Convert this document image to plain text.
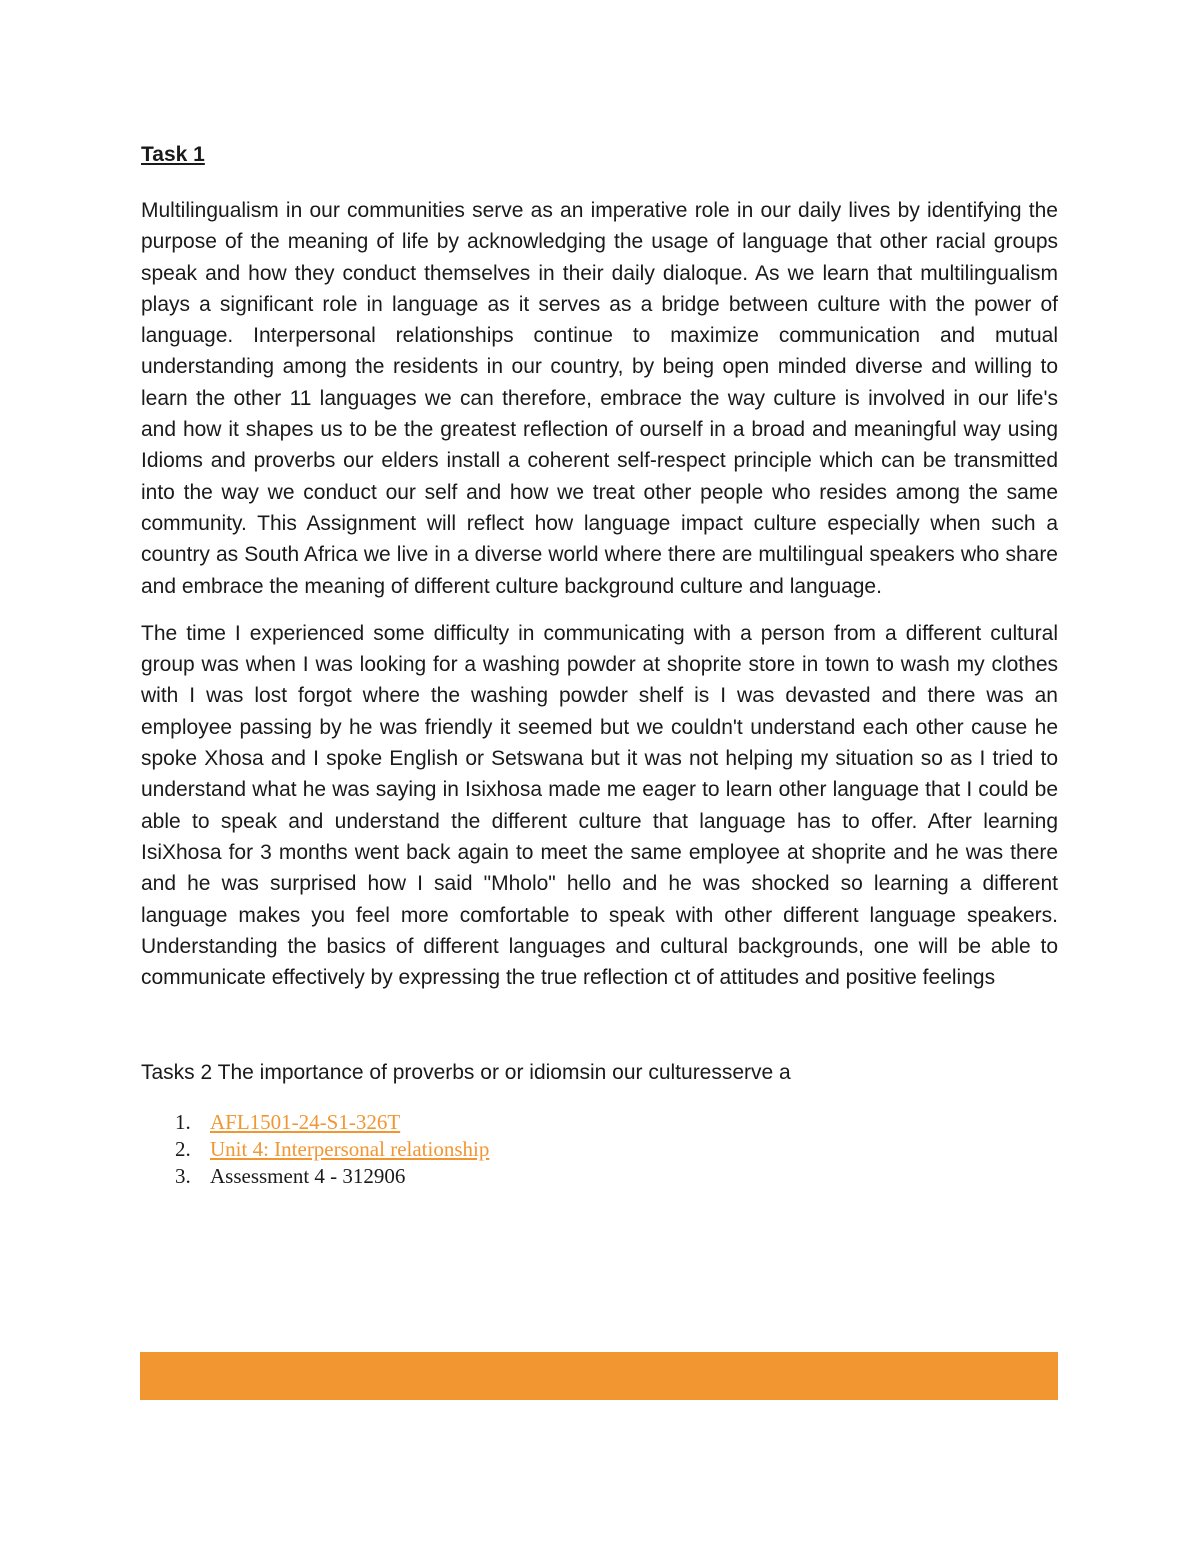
Task 1

Multilingualism in our communities serve as an imperative role in our daily lives by identifying the purpose of the meaning of life by acknowledging the usage of language that other racial groups speak and how they conduct themselves in their daily dialoque. As we learn that multilingualism plays a significant role in language as it serves as a bridge between culture with the power of language. Interpersonal relationships continue to maximize communication and mutual understanding among the residents in our country, by being open minded diverse and willing to learn the other 11 languages we can therefore, embrace the way culture is involved in our life's and how it shapes us to be the greatest reflection of ourself in a broad and meaningful way using Idioms and proverbs our elders install a coherent self-respect principle which can be transmitted into the way we conduct our self and how we treat other people who resides among the same community. This Assignment will reflect how language impact culture especially when such a country as South Africa we live in a diverse world where there are multilingual speakers who share and embrace the meaning of different culture background culture and language.

The time I experienced some difficulty in communicating with a person from a different cultural group was when I was looking for a washing powder at shoprite store in town to wash my clothes with I was lost forgot where the washing powder shelf is I was devasted and there was an employee passing by he was friendly it seemed but we couldn't understand each other cause he spoke Xhosa and I spoke English or Setswana but it was not helping my situation so as I tried to understand what he was saying in Isixhosa made me eager to learn other language that I could be able to speak and understand the different culture that language has to offer. After learning IsiXhosa for 3 months went back again to meet the same employee at shoprite and he was there and he was surprised how I said "Mholo" hello and he was shocked so learning a different language makes you feel more comfortable to speak with other different language speakers. Understanding the basics of different languages and cultural backgrounds, one will be able to communicate effectively by expressing the true reflection ct of attitudes and positive feelings

Tasks 2 The importance of proverbs or or idiomsin our culturesserve a

1. AFL1501-24-S1-326T
2. Unit 4: Interpersonal relationship
3. Assessment 4 - 312906
